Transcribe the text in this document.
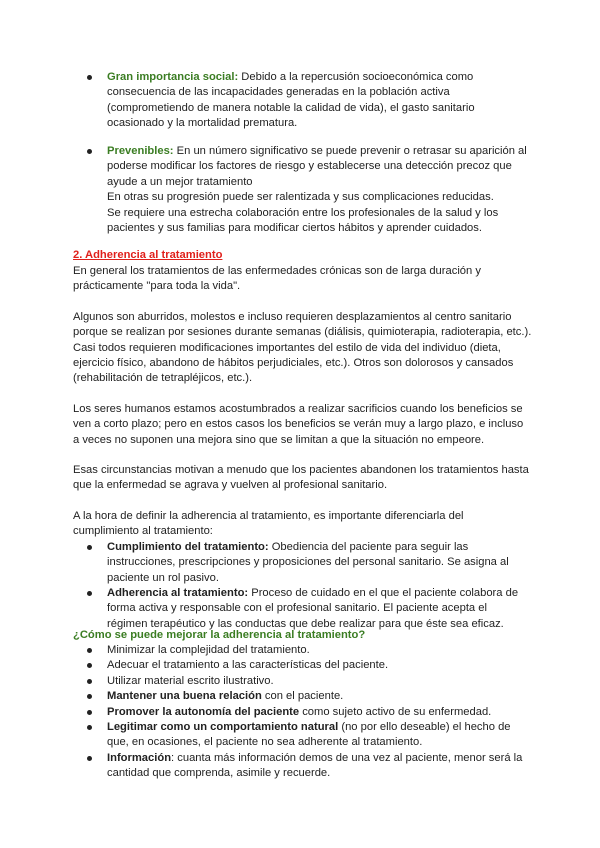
Gran importancia social: Debido a la repercusión socioeconómica como
consecuencia de las incapacidades generadas en la población activa
(comprometiendo de manera notable la calidad de vida), el gasto sanitario
ocasionado y la mortalidad prematura.
Prevenibles: En un número significativo se puede prevenir o retrasar su aparición al
poderse modificar los factores de riesgo y establecerse una detección precoz que
ayude a un mejor tratamiento
En otras su progresión puede ser ralentizada y sus complicaciones reducidas.
Se requiere una estrecha colaboración entre los profesionales de la salud y los
pacientes y sus familias para modificar ciertos hábitos y aprender cuidados.
2. Adherencia al tratamiento

En general los tratamientos de las enfermedades crónicas son de larga duración y
prácticamente "para toda la vida".

Algunos son aburridos, molestos e incluso requieren desplazamientos al centro sanitario
porque se realizan por sesiones durante semanas (diálisis, quimioterapia, radioterapia, etc.).
Casi todos requieren modificaciones importantes del estilo de vida del individuo (dieta,
ejercicio físico, abandono de hábitos perjudiciales, etc.). Otros son dolorosos y cansados
(rehabilitación de tetrapléjicos, etc.).

Los seres humanos estamos acostumbrados a realizar sacrificios cuando los beneficios se
ven a corto plazo; pero en estos casos los beneficios se verán muy a largo plazo, e incluso
a veces no suponen una mejora sino que se limitan a que la situación no empeore.

Esas circunstancias motivan a menudo que los pacientes abandonen los tratamientos hasta
que la enfermedad se agrava y vuelven al profesional sanitario.

A la hora de definir la adherencia al tratamiento, es importante diferenciarla del
cumplimiento al tratamiento:

Cumplimiento del tratamiento: Obediencia del paciente para seguir las
instrucciones, prescripciones y proposiciones del personal sanitario. Se asigna al
paciente un rol pasivo.
Adherencia al tratamiento: Proceso de cuidado en el que el paciente colabora de
forma activa y responsable con el profesional sanitario. El paciente acepta el
régimen terapéutico y las conductas que debe realizar para que éste sea eficaz.
¿Cómo se puede mejorar la adherencia al tratamiento?
Minimizar la complejidad del tratamiento.
Adecuar el tratamiento a las características del paciente.
Utilizar material escrito ilustrativo.
Mantener una buena relación con el paciente.
Promover la autonomía del paciente como sujeto activo de su enfermedad.
Legitimar como un comportamiento natural (no por ello deseable) el hecho de
que, en ocasiones, el paciente no sea adherente al tratamiento.
Información: cuanta más información demos de una vez al paciente, menor será la
cantidad que comprenda, asimile y recuerde.
